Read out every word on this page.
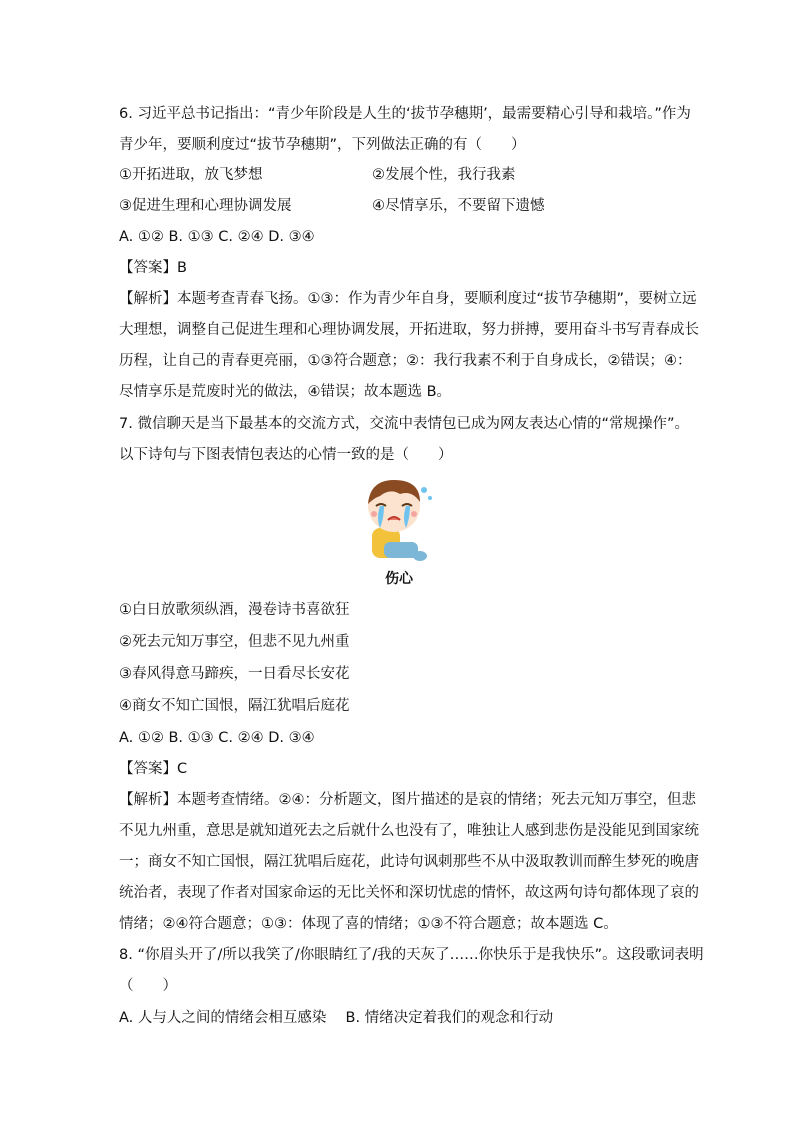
6. 习近平总书记指出：“青少年阶段是人生的‘拔节孕穗期’，最需要精心引导和栽培。”作为
青少年，要顺利度过“拔节孕穗期”，下列做法正确的有（　　）
①开拓进取，放飞梦想	②发展个性，我行我素
③促进生理和心理协调发展	④尽情享乐，不要留下遗憾
A. ①② B. ①③ C. ②④ D. ③④
【答案】B
【解析】本题考查青春飞扬。①③：作为青少年自身，要顺利度过“拔节孕穗期”，要树立远
大理想，调整自己促进生理和心理协调发展，开拓进取，努力拼搏，要用奋斗书写青春成长
历程，让自己的青春更亮丽，①③符合题意；②：我行我素不利于自身成长，②错误；④：
尽情享乐是荒废时光的做法，④错误；故本题选 B。
7. 微信聊天是当下最基本的交流方式，交流中表情包已成为网友表达心情的“常规操作”。
以下诗句与下图表情包表达的心情一致的是（　　）
伤心
①白日放歌须纵酒，漫卷诗书喜欲狂
②死去元知万事空，但悲不见九州重
③春风得意马蹄疾，一日看尽长安花
④商女不知亡国恨，隔江犹唱后庭花
A. ①② B. ①③ C. ②④ D. ③④
【答案】C
【解析】本题考查情绪。②④：分析题文，图片描述的是哀的情绪；死去元知万事空，但悲
不见九州重，意思是就知道死去之后就什么也没有了，唯独让人感到悲伤是没能见到国家统
一；商女不知亡国恨，隔江犹唱后庭花，此诗句讽刺那些不从中汲取教训而醉生梦死的晚唐
统治者，表现了作者对国家命运的无比关怀和深切忧虑的情怀，故这两句诗句都体现了哀的
情绪；②④符合题意；①③：体现了喜的情绪；①③不符合题意；故本题选 C。
8. “你眉头开了/所以我笑了/你眼睛红了/我的天灰了……你快乐于是我快乐”。这段歌词表明
（　　）
A. 人与人之间的情绪会相互感染　 B. 情绪决定着我们的观念和行动
